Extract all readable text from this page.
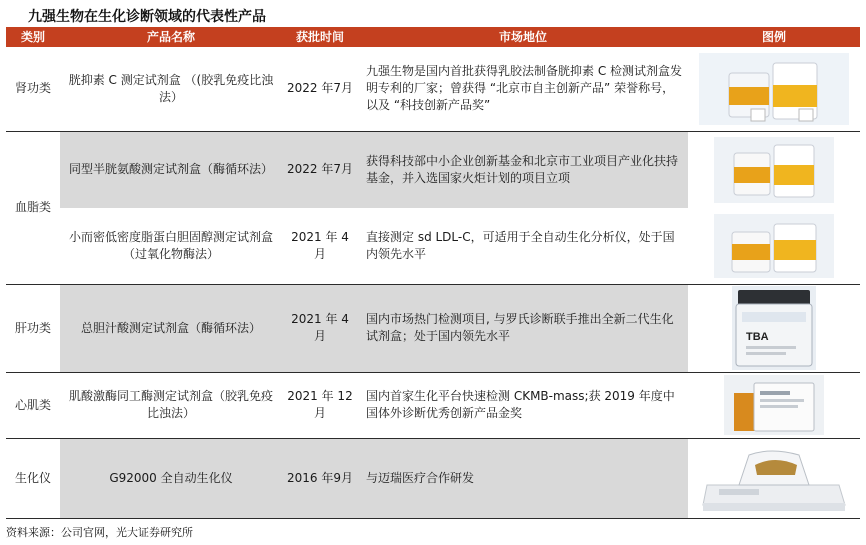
九强生物在生化诊断领域的代表性产品
类别	产品名称	获批时间	市场地位	图例
肾功类	胱抑素 C 测定试剂盒 （(胶乳免疫比浊法）	2022 年7月	九强生物是国内首批获得乳胶法制备胱抑素 C 检测试剂盒发明专利的厂家；曾获得 “北京市自主创新产品” 荣誉称号，以及 “科技创新产品奖”	

血脂类	同型半胱氨酸测定试剂盒（酶循环法）	2022 年7月	获得科技部中小企业创新基金和北京市工业项目产业化扶持基金，并入选国家火炬计划的项目立项	

	小而密低密度脂蛋白胆固醇测定试剂盒（过氧化物酶法）	2021 年 4 月	直接测定 sd LDL-C，可适用于全自动生化分析仪，处于国内领先水平	

肝功类	总胆汁酸测定试剂盒（酶循环法）	2021 年 4 月	国内市场热门检测项目, 与罗氏诊断联手推出全新二代生化试剂盒；处于国内领先水平	TBA

心肌类	肌酸激酶同工酶测定试剂盒（胶乳免疫比浊法）	2021 年 12月	国内首家生化平台快速检测 CKMB-mass;获 2019 年度中国体外诊断优秀创新产品金奖	

生化仪	G92000 全自动生化仪	2016 年9月	与迈瑞医疗合作研发	
资料来源：公司官网，光大证券研究所
